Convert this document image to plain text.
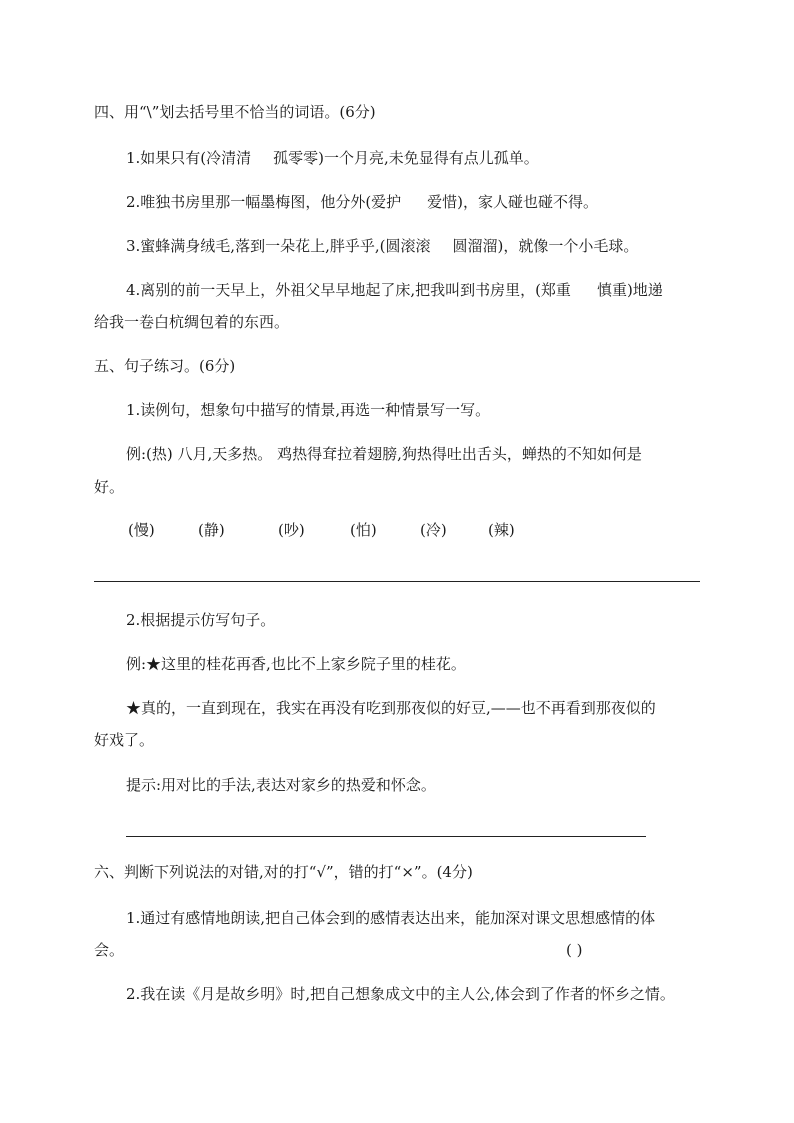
四、用“\”划去括号里不恰当的词语。(6分)
1.如果只有(冷清清 孤零零)一个月亮,未免显得有点儿孤单。
2.唯独书房里那一幅墨梅图，他分外(爱护 爱惜)，家人碰也碰不得。
3.蜜蜂满身绒毛,落到一朵花上,胖乎乎,(圆滚滚 圆溜溜)，就像一个小毛球。
4.离别的前一天早上，外祖父早早地起了床,把我叫到书房里，(郑重 慎重)地递
给我一卷白杭绸包着的东西。
五、句子练习。(6分)
1.读例句，想象句中描写的情景,再选一种情景写一写。
例:(热) 八月,天多热。 鸡热得耷拉着翅膀,狗热得吐出舌头，蝉热的不知如何是
好。
(慢)	(静)	(吵)	(怕)	(冷)	(辣)
2.根据提示仿写句子。
例:★这里的桂花再香,也比不上家乡院子里的桂花。
★真的，一直到现在，我实在再没有吃到那夜似的好豆,——也不再看到那夜似的
好戏了。
提示:用对比的手法,表达对家乡的热爱和怀念。
六、判断下列说法的对错,对的打“√”，错的打“×”。(4分)
1.通过有感情地朗读,把自己体会到的感情表达出来，能加深对课文思想感情的体
会。	( )
2.我在读《月是故乡明》时,把自己想象成文中的主人公,体会到了作者的怀乡之情。
